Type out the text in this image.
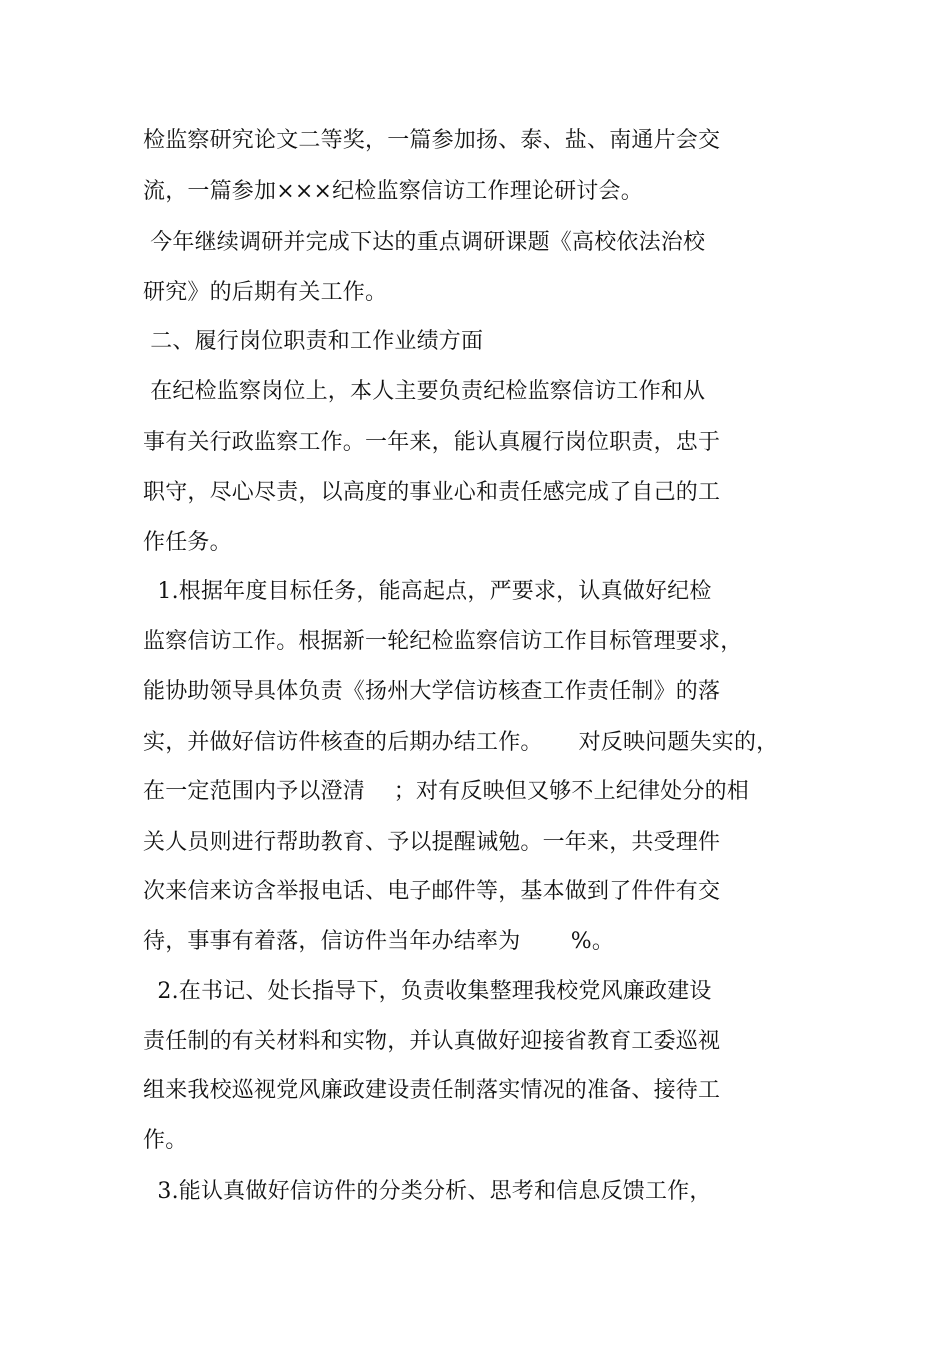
检监察研究论文二等奖，一篇参加扬、泰、盐、南通片会交
流，一篇参加×××纪检监察信访工作理论研讨会。
今年继续调研并完成下达的重点调研课题《高校依法治校
研究》的后期有关工作。
二、履行岗位职责和工作业绩方面
在纪检监察岗位上，本人主要负责纪检监察信访工作和从
事有关行政监察工作。一年来，能认真履行岗位职责，忠于
职守，尽心尽责，以高度的事业心和责任感完成了自己的工
作任务。
1.根据年度目标任务，能高起点，严要求，认真做好纪检
监察信访工作。根据新一轮纪检监察信访工作目标管理要求，
能协助领导具体负责《扬州大学信访核查工作责任制》的落
实，并做好信访件核查的后期办结工作。     对反映问题失实的，
在一定范围内予以澄清    ；对有反映但又够不上纪律处分的相
关人员则进行帮助教育、予以提醒诫勉。一年来，共受理件
次来信来访含举报电话、电子邮件等，基本做到了件件有交
待，事事有着落，信访件当年办结率为       %。
2.在书记、处长指导下，负责收集整理我校党风廉政建设
责任制的有关材料和实物，并认真做好迎接省教育工委巡视
组来我校巡视党风廉政建设责任制落实情况的准备、接待工
作。
3.能认真做好信访件的分类分析、思考和信息反馈工作，
